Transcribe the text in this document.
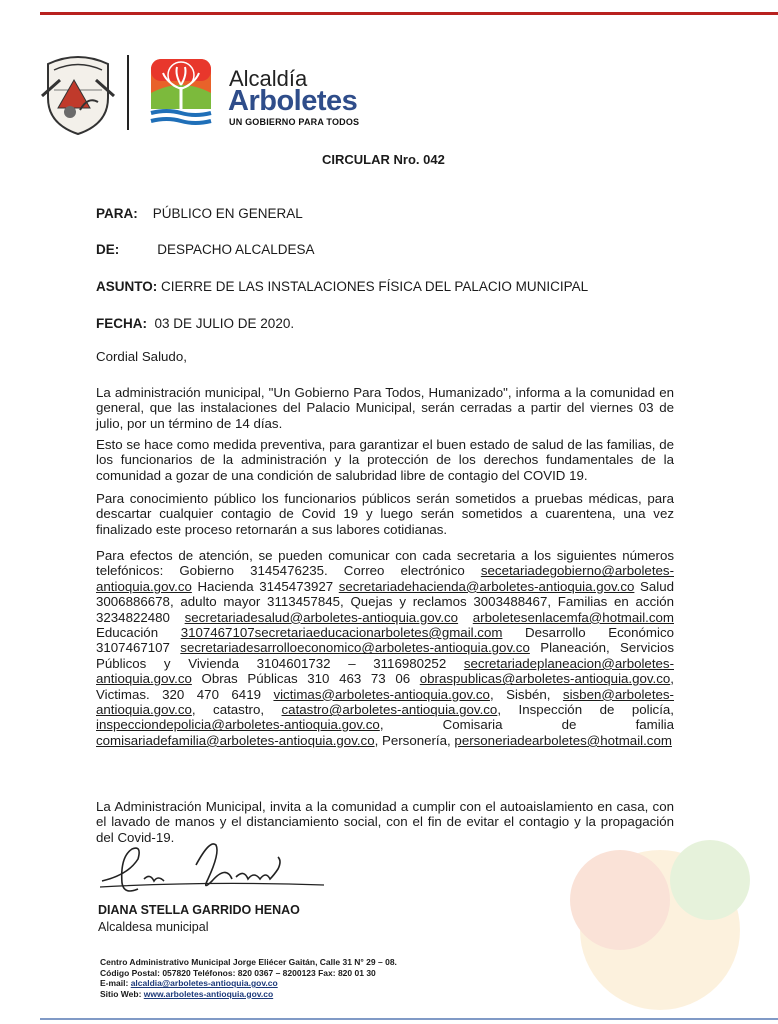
Alcaldía
Arboletes
UN GOBIERNO PARA TODOS
CIRCULAR Nro. 042
PARA: PÚBLICO EN GENERAL
DE:	DESPACHO ALCALDESA
ASUNTO: CIERRE DE LAS INSTALACIONES FÍSICA DEL PALACIO MUNICIPAL
FECHA: 03 DE JULIO DE 2020.
Cordial Saludo,
La administración municipal, "Un Gobierno Para Todos, Humanizado", informa a la comunidad en general, que las instalaciones del Palacio Municipal, serán cerradas a partir del viernes 03 de julio, por un término de 14 días.
Esto se hace como medida preventiva, para garantizar el buen estado de salud de las familias, de los funcionarios de la administración y la protección de los derechos fundamentales de la comunidad a gozar de una condición de salubridad libre de contagio del COVID 19.
Para conocimiento público los funcionarios públicos serán sometidos a pruebas médicas, para descartar cualquier contagio de Covid 19 y luego serán sometidos a cuarentena, una vez finalizado este proceso retornarán a sus labores cotidianas.
Para efectos de atención, se pueden comunicar con cada secretaria a los siguientes números telefónicos: Gobierno 3145476235. Correo electrónico secetariadegobierno@arboletes-antioquia.gov.co Hacienda 3145473927 secretariadehacienda@arboletes-antioquia.gov.co Salud 3006886678, adulto mayor 3113457845, Quejas y reclamos 3003488467, Familias en acción 3234822480 secretariadesalud@arboletes-antioquia.gov.co arboletesenlacemfa@hotmail.com Educación 3107467107secretariaeducacionarboletes@gmail.com Desarrollo Económico 3107467107 secretariadesarrolloeconomico@arboletes-antioquia.gov.co Planeación, Servicios Públicos y Vivienda 3104601732 – 3116980252 secretariadeplaneacion@arboletes-antioquia.gov.co Obras Públicas 310 463 73 06 obraspublicas@arboletes-antioquia.gov.co, Victimas. 320 470 6419 victimas@arboletes-antioquia.gov.co, Sisbén, sisben@arboletes-antioquia.gov.co, catastro, catastro@arboletes-antioquia.gov.co, Inspección de policía, inspecciondepolicia@arboletes-antioquia.gov.co, Comisaria de familia comisariadefamilia@arboletes-antioquia.gov.co, Personería, personeriadearboletes@hotmail.com
La Administración Municipal, invita a la comunidad a cumplir con el autoaislamiento en casa, con el lavado de manos y el distanciamiento social, con el fin de evitar el contagio y la propagación del Covid-19.
DIANA STELLA GARRIDO HENAO
Alcaldesa municipal
Centro Administrativo Municipal Jorge Eliécer Gaitán, Calle 31 N° 29 – 08.
Código Postal: 057820 Teléfonos: 820 0367 – 8200123 Fax: 820 01 30
E-mail: alcaldia@arboletes-antioquia.gov.co
Sitio Web: www.arboletes-antioquia.gov.co
